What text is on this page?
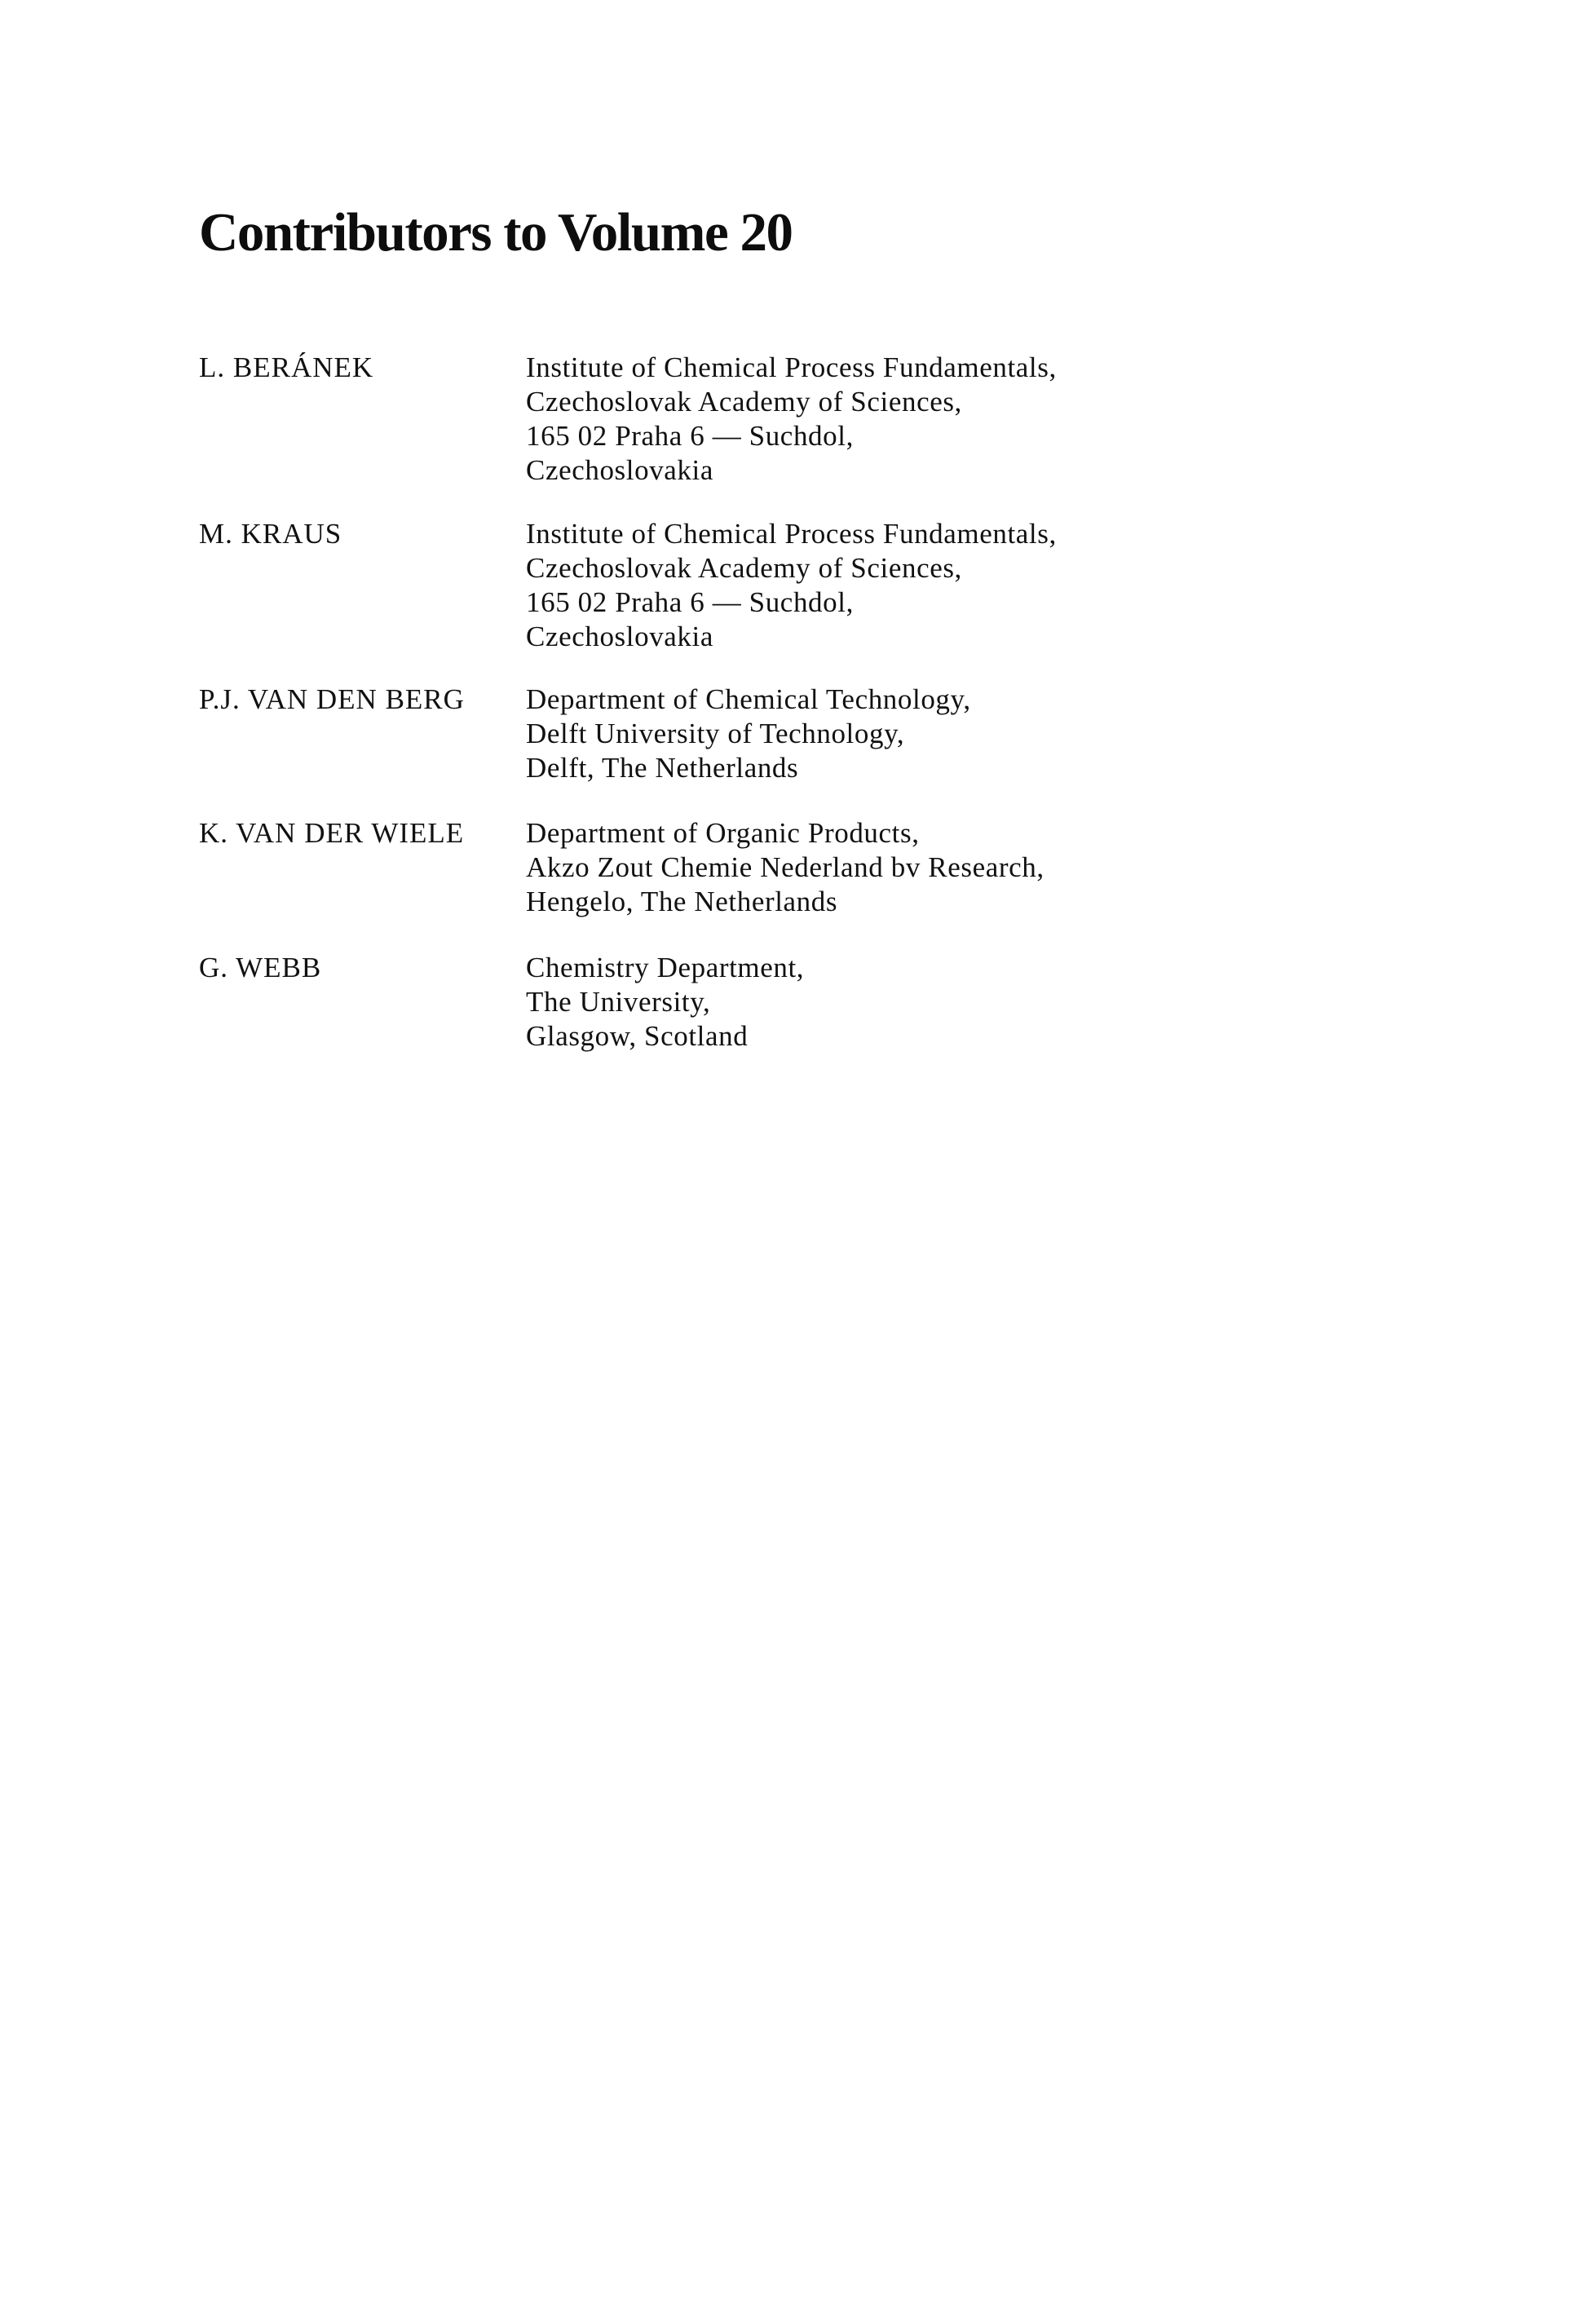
Contributors to Volume 20
L. BERÁNEK	Institute of Chemical Process Fundamentals,
Czechoslovak Academy of Sciences,
165 02 Praha 6 — Suchdol,
Czechoslovakia
M. KRAUS	Institute of Chemical Process Fundamentals,
Czechoslovak Academy of Sciences,
165 02 Praha 6 — Suchdol,
Czechoslovakia
P.J. VAN DEN BERG Department of Chemical Technology,
Delft University of Technology,
Delft, The Netherlands
K. VAN DER WIELE Department of Organic Products,
Akzo Zout Chemie Nederland bv Research,
Hengelo, The Netherlands
G. WEBB	Chemistry Department,
The University,
Glasgow, Scotland
